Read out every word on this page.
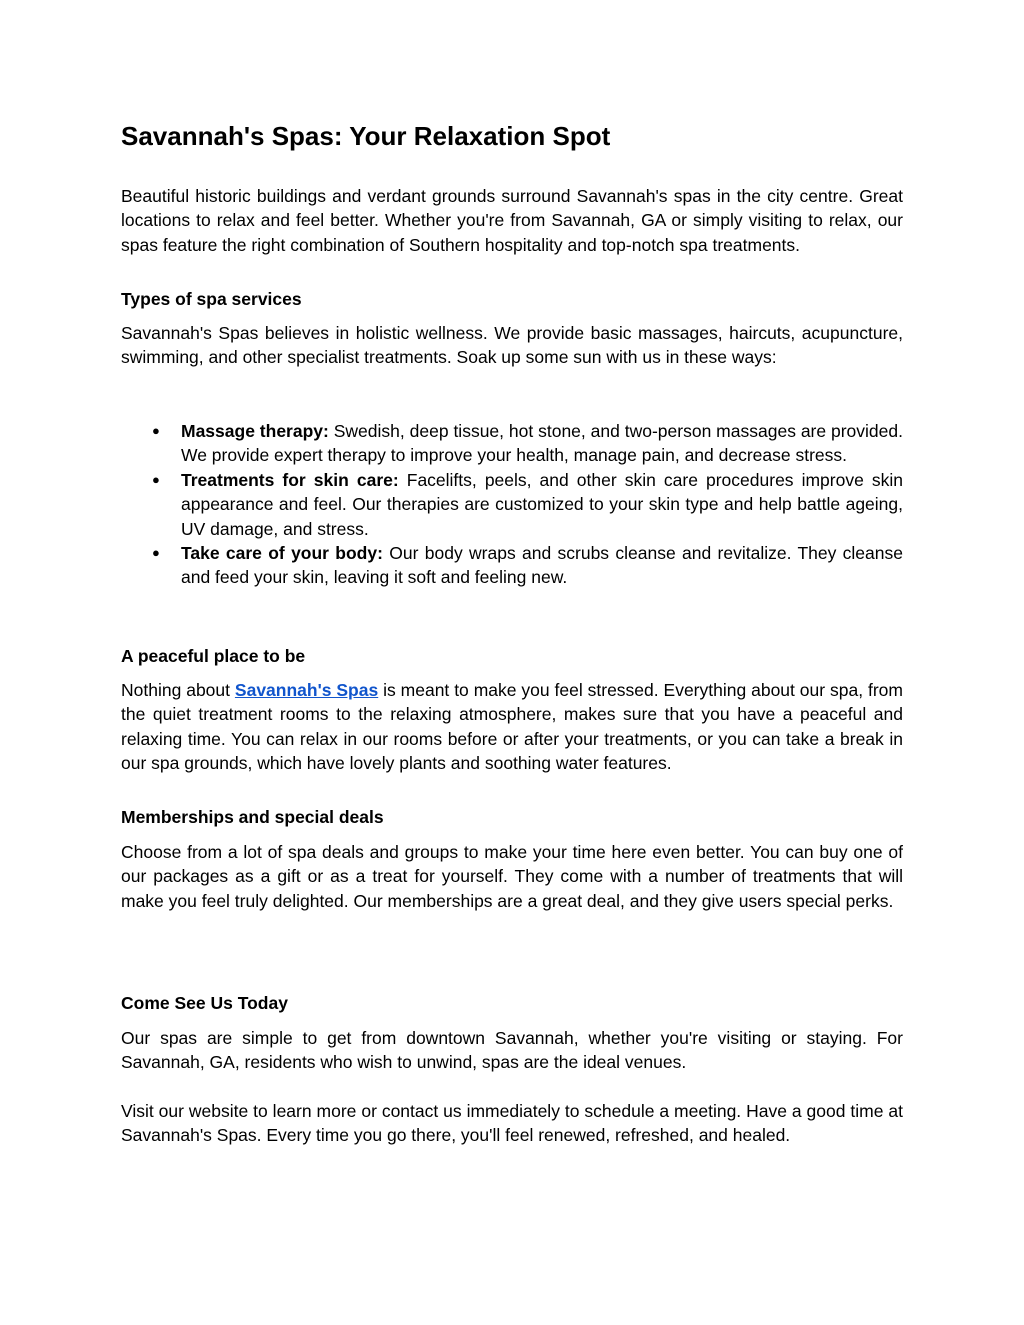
Savannah's Spas: Your Relaxation Spot

Beautiful historic buildings and verdant grounds surround Savannah's spas in the city centre. Great locations to relax and feel better. Whether you're from Savannah, GA or simply visiting to relax, our spas feature the right combination of Southern hospitality and top-notch spa treatments.

Types of spa services

Savannah's Spas believes in holistic wellness. We provide basic massages, haircuts, acupuncture, swimming, and other specialist treatments. Soak up some sun with us in these ways:

● Massage therapy: Swedish, deep tissue, hot stone, and two-person massages are provided. We provide expert therapy to improve your health, manage pain, and decrease stress.
● Treatments for skin care: Facelifts, peels, and other skin care procedures improve skin appearance and feel. Our therapies are customized to your skin type and help battle ageing, UV damage, and stress.
● Take care of your body: Our body wraps and scrubs cleanse and revitalize. They cleanse and feed your skin, leaving it soft and feeling new.
A peaceful place to be

Nothing about Savannah's Spas is meant to make you feel stressed. Everything about our spa, from the quiet treatment rooms to the relaxing atmosphere, makes sure that you have a peaceful and relaxing time. You can relax in our rooms before or after your treatments, or you can take a break in our spa grounds, which have lovely plants and soothing water features.

Memberships and special deals

Choose from a lot of spa deals and groups to make your time here even better. You can buy one of our packages as a gift or as a treat for yourself. They come with a number of treatments that will make you feel truly delighted. Our memberships are a great deal, and they give users special perks.

Come See Us Today

Our spas are simple to get from downtown Savannah, whether you're visiting or staying. For Savannah, GA, residents who wish to unwind, spas are the ideal venues.

Visit our website to learn more or contact us immediately to schedule a meeting. Have a good time at Savannah's Spas. Every time you go there, you'll feel renewed, refreshed, and healed.
